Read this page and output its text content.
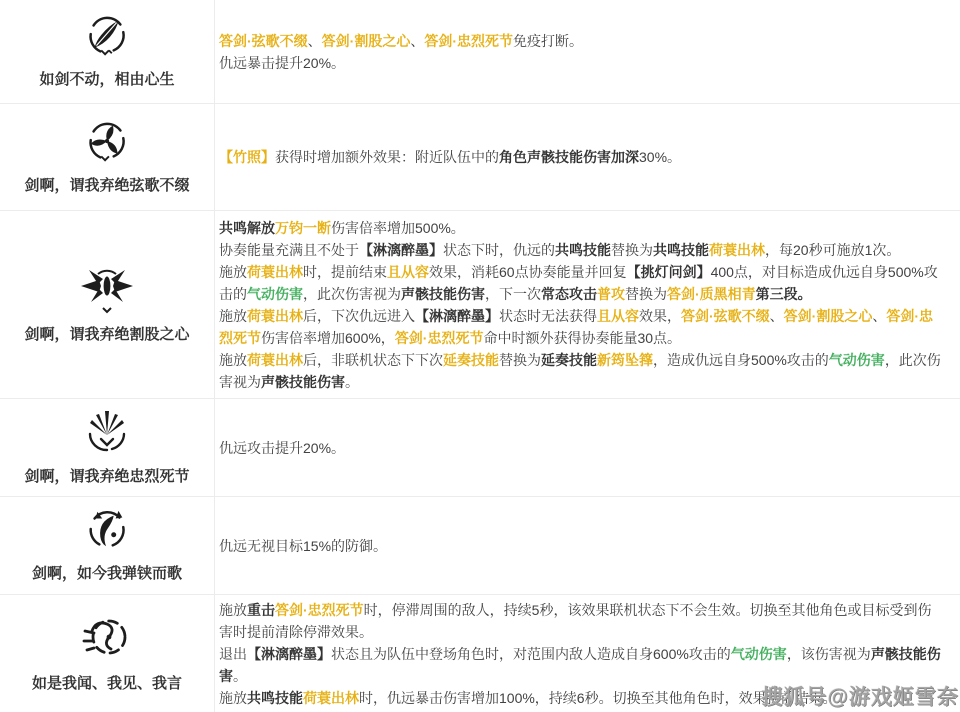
如剑不动，相由心生
答剑·弦歌不缀、答剑·割股之心、答剑·忠烈死节免疫打断。
仇远暴击提升20%。
剑啊，谓我弃绝弦歌不缀
【竹照】获得时增加额外效果：附近队伍中的角色声骸技能伤害加深30%。
剑啊，谓我弃绝割股之心
共鸣解放万钧一断伤害倍率增加500%。
协奏能量充满且不处于【淋漓醉墨】状态下时，仇远的共鸣技能替换为共鸣技能荷蓑出林，每20秒可施放1次。
施放荷蓑出林时，提前结束且从容效果，消耗60点协奏能量并回复【挑灯问剑】400点，对目标造成仇远自身500%攻击的气动伤害，此次伤害视为声骸技能伤害，下一次常态攻击普攻替换为答剑·质黑相青第三段。
施放荷蓑出林后，下次仇远进入【淋漓醉墨】状态时无法获得且从容效果，答剑·弦歌不缀、答剑·割股之心、答剑·忠烈死节伤害倍率增加600%，答剑·忠烈死节命中时额外获得协奏能量30点。
施放荷蓑出林后，非联机状态下下次延奏技能替换为延奏技能新筠坠箨，造成仇远自身500%攻击的气动伤害，此次伤害视为声骸技能伤害。
剑啊，谓我弃绝忠烈死节
仇远攻击提升20%。
剑啊，如今我弹铗而歌
仇远无视目标15%的防御。
如是我闻、我见、我言
施放重击答剑·忠烈死节时，停滞周围的敌人，持续5秒，该效果联机状态下不会生效。切换至其他角色或目标受到伤害时提前清除停滞效果。
退出【淋漓醉墨】状态且为队伍中登场角色时，对范围内敌人造成自身600%攻击的气动伤害，该伤害视为声骸技能伤害。
施放共鸣技能荷蓑出林时，仇远暴击伤害增加100%，持续6秒。切换至其他角色时，效果提前结束。
搜狐号@游戏姬雪奈
